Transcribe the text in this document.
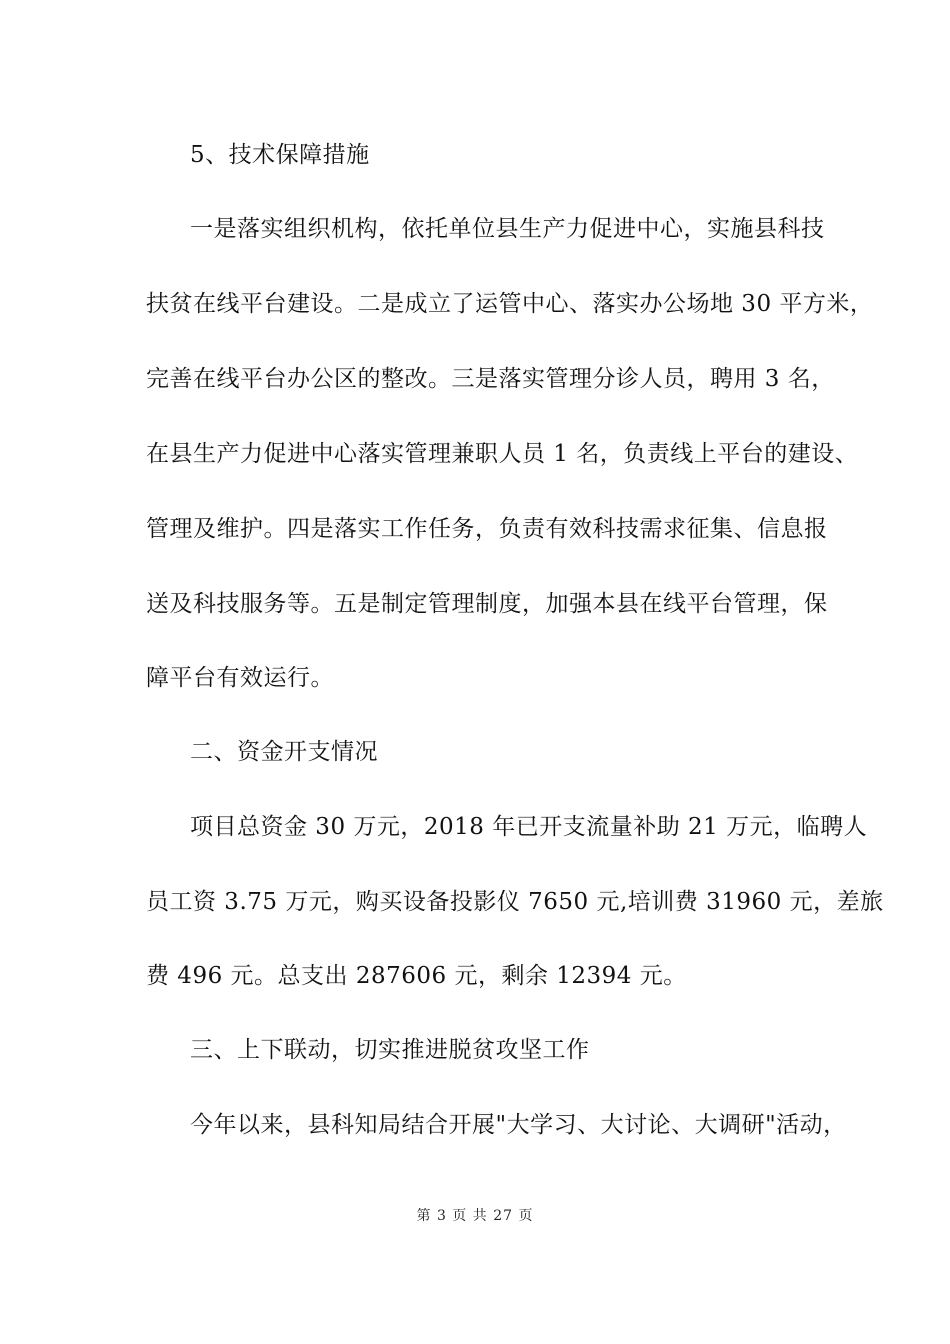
5、技术保障措施
一是落实组织机构，依托单位县生产力促进中心，实施县科技
扶贫在线平台建设。二是成立了运管中心、落实办公场地 30 平方米，
完善在线平台办公区的整改。三是落实管理分诊人员，聘用 3 名，
在县生产力促进中心落实管理兼职人员 1 名，负责线上平台的建设、
管理及维护。四是落实工作任务，负责有效科技需求征集、信息报
送及科技服务等。五是制定管理制度，加强本县在线平台管理，保
障平台有效运行。
二、资金开支情况
项目总资金 30 万元，2018 年已开支流量补助 21 万元，临聘人
员工资 3.75 万元，购买设备投影仪 7650 元,培训费 31960 元，差旅
费 496 元。总支出 287606 元，剩余 12394 元。
三、上下联动，切实推进脱贫攻坚工作
今年以来，县科知局结合开展"大学习、大讨论、大调研"活动，
第 3 页 共 27 页
